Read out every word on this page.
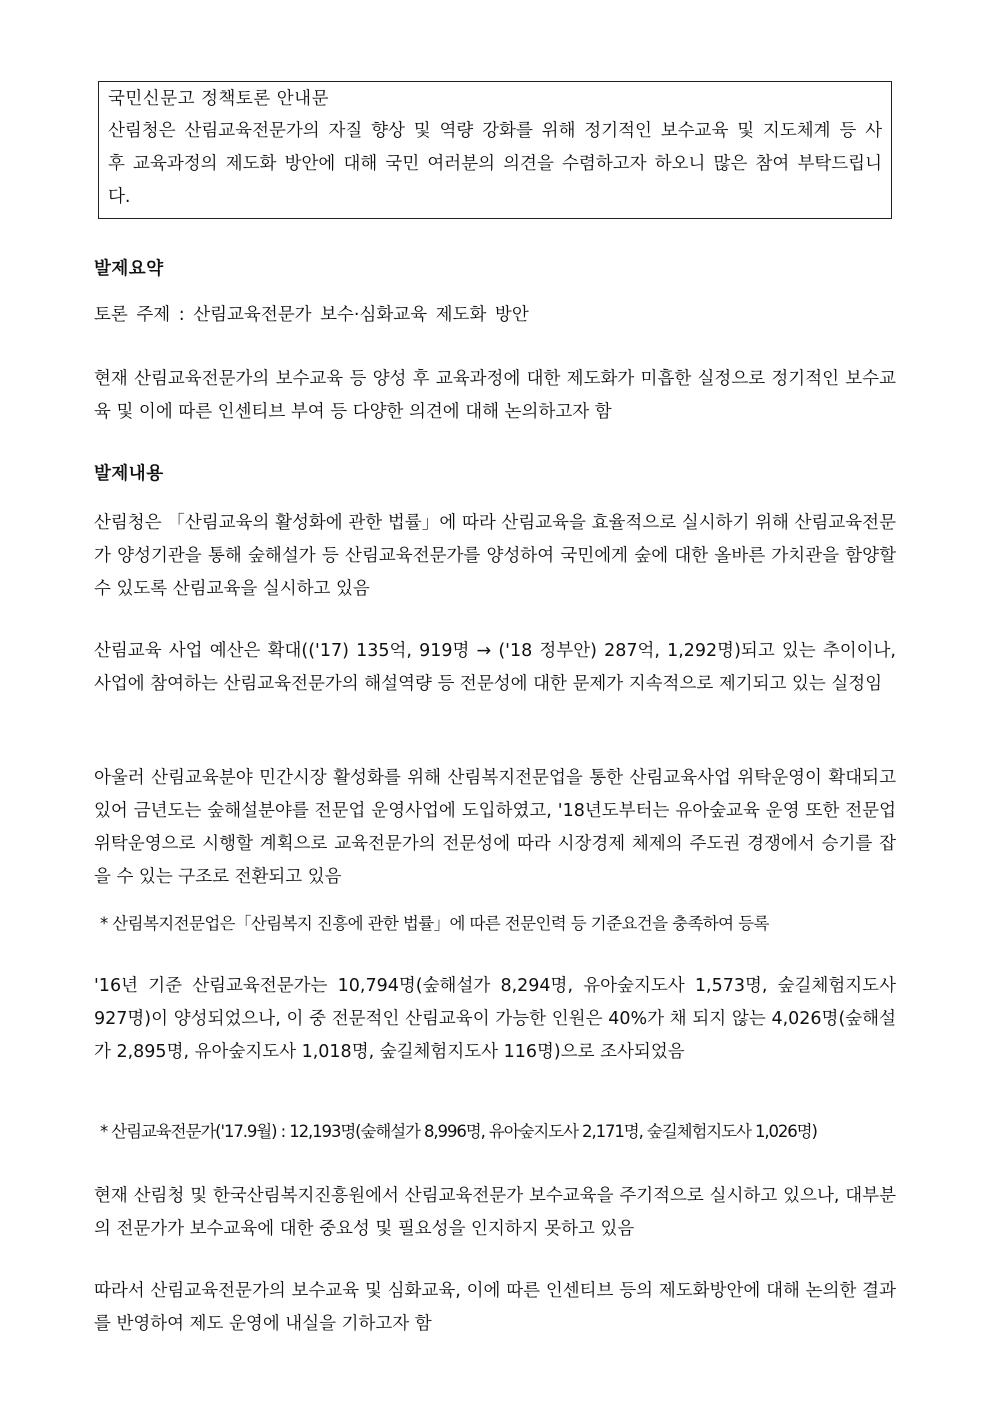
국민신문고 정책토론 안내문

산림청은 산림교육전문가의 자질 향상 및 역량 강화를 위해 정기적인 보수교육 및 지도체계 등 사후 교육과정의 제도화 방안에 대해 국민 여러분의 의견을 수렴하고자 하오니 많은 참여 부탁드립니다.

발제요약

토론 주제 : 산림교육전문가 보수·심화교육 제도화 방안

현재 산림교육전문가의 보수교육 등 양성 후 교육과정에 대한 제도화가 미흡한 실정으로 정기적인 보수교육 및 이에 따른 인센티브 부여 등 다양한 의견에 대해 논의하고자 함

발제내용

산림청은 「산림교육의 활성화에 관한 법률」에 따라 산림교육을 효율적으로 실시하기 위해 산림교육전문가 양성기관을 통해 숲해설가 등 산림교육전문가를 양성하여 국민에게 숲에 대한 올바른 가치관을 함양할 수 있도록 산림교육을 실시하고 있음

산림교육 사업 예산은 확대(('17) 135억, 919명 → ('18 정부안) 287억, 1,292명)되고 있는 추이이나, 사업에 참여하는 산림교육전문가의 해설역량 등 전문성에 대한 문제가 지속적으로 제기되고 있는 실정임

아울러 산림교육분야 민간시장 활성화를 위해 산림복지전문업을 통한 산림교육사업 위탁운영이 확대되고 있어 금년도는 숲해설분야를 전문업 운영사업에 도입하였고, '18년도부터는 유아숲교육 운영 또한 전문업 위탁운영으로 시행할 계획으로 교육전문가의 전문성에 따라 시장경제 체제의 주도권 경쟁에서 승기를 잡을 수 있는 구조로 전환되고 있음

* 산림복지전문업은「산림복지 진흥에 관한 법률」에 따른 전문인력 등 기준요건을 충족하여 등록

'16년 기준 산림교육전문가는 10,794명(숲해설가 8,294명, 유아숲지도사 1,573명, 숲길체험지도사 927명)이 양성되었으나, 이 중 전문적인 산림교육이 가능한 인원은 40%가 채 되지 않는 4,026명(숲해설가 2,895명, 유아숲지도사 1,018명, 숲길체험지도사 116명)으로 조사되었음

* 산림교육전문가('17.9월) : 12,193명(숲해설가 8,996명, 유아숲지도사 2,171명, 숲길체험지도사 1,026명)

현재 산림청 및 한국산림복지진흥원에서 산림교육전문가 보수교육을 주기적으로 실시하고 있으나, 대부분의 전문가가 보수교육에 대한 중요성 및 필요성을 인지하지 못하고 있음

따라서 산림교육전문가의 보수교육 및 심화교육, 이에 따른 인센티브 등의 제도화방안에 대해 논의한 결과를 반영하여 제도 운영에 내실을 기하고자 함
